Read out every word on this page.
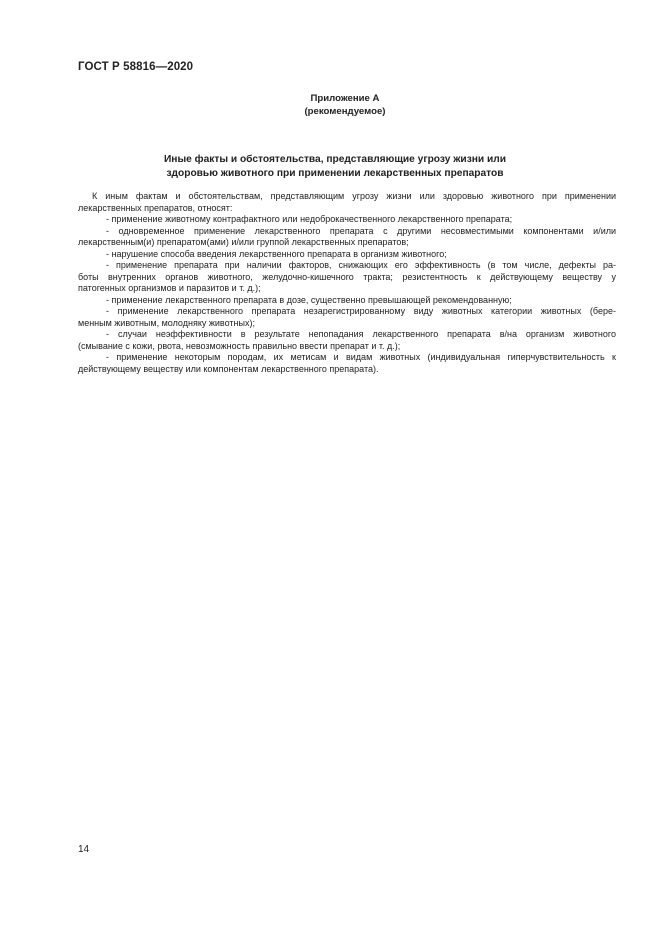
ГОСТ Р 58816—2020
Приложение А
(рекомендуемое)
Иные факты и обстоятельства, представляющие угрозу жизни или
здоровью животного при применении лекарственных препаратов
К иным фактам и обстоятельствам, представляющим угрозу жизни или здоровью животного при применении
лекарственных препаратов, относят:
- применение животному контрафактного или недоброкачественного лекарственного препарата;
- одновременное применение лекарственного препарата с другими несовместимыми компонентами и/или
лекарственным(и) препаратом(ами) и/или группой лекарственных препаратов;
- нарушение способа введения лекарственного препарата в организм животного;
- применение препарата при наличии факторов, снижающих его эффективность (в том числе, дефекты ра-
боты внутренних органов животного, желудочно-кишечного тракта; резистентность к действующему веществу у
патогенных организмов и паразитов и т. д.);
- применение лекарственного препарата в дозе, существенно превышающей рекомендованную;
- применение лекарственного препарата незарегистрированному виду животных категории животных (бере-
менным животным, молодняку животных);
- случаи неэффективности в результате непопадания лекарственного препарата в/на организм животного
(смывание с кожи, рвота, невозможность правильно ввести препарат и т. д.);
- применение некоторым породам, их метисам и видам животных (индивидуальная гиперчувствительность к
действующему веществу или компонентам лекарственного препарата).
14
